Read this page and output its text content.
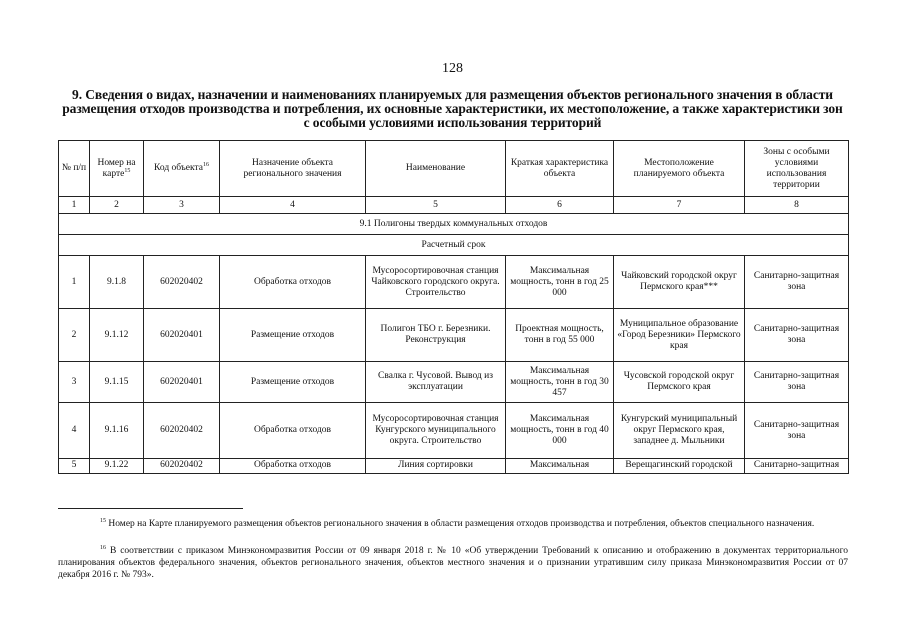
128
9. Сведения о видах, назначении и наименованиях планируемых для размещения объектов регионального значения в области размещения отходов производства и потребления, их основные характеристики, их местоположение, а также характеристики зон с особыми условиями использования территорий
№ п/п	Номер на карте$^{15}$	Код объекта$^{16}$	Назначение объекта регионального значения	Наименование	Краткая характеристика объекта	Местоположение планируемого объекта	Зоны с особыми условиями использования территории
1	2	3	4	5	6	7	8
9.1 Полигоны твердых коммунальных отходов							
Расчетный срок							
1	9.1.8	602020402	Обработка отходов	Мусоросортировочная станция Чайковского городского округа. Строительство	Максимальная мощность, тонн в год 25 000	Чайковский городской округ Пермского края***	Санитарно-защитная зона
2	9.1.12	602020401	Размещение отходов	Полигон ТБО г. Березники. Реконструкция	Проектная мощность, тонн в год 55 000	Муниципальное образование «Город Березники» Пермского края	Санитарно-защитная зона
3	9.1.15	602020401	Размещение отходов	Свалка г. Чусовой. Вывод из эксплуатации	Максимальная мощность, тонн в год 30 457	Чусовской городской округ Пермского края	Санитарно-защитная зона
4	9.1.16	602020402	Обработка отходов	Мусоросортировочная станция Кунгурского муниципального округа. Строительство	Максимальная мощность, тонн в год 40 000	Кунгурский муниципальный округ Пермского края, западнее д. Мыльники	Санитарно-защитная зона
5	9.1.22	602020402	Обработка отходов	Линия сортировки	Максимальная	Верещагинский городской	Санитарно-защитная
$^{15}$ Номер на Карте планируемого размещения объектов регионального значения в области размещения отходов производства и потребления, объектов специального назначения.
$^{16}$ В соответствии с приказом Минэкономразвития России от 09 января 2018 г. № 10 «Об утверждении Требований к описанию и отображению в документах территориального планирования объектов федерального значения, объектов регионального значения, объектов местного значения и о признании утратившим силу приказа Минэкономразвития России от 07 декабря 2016 г. № 793».
